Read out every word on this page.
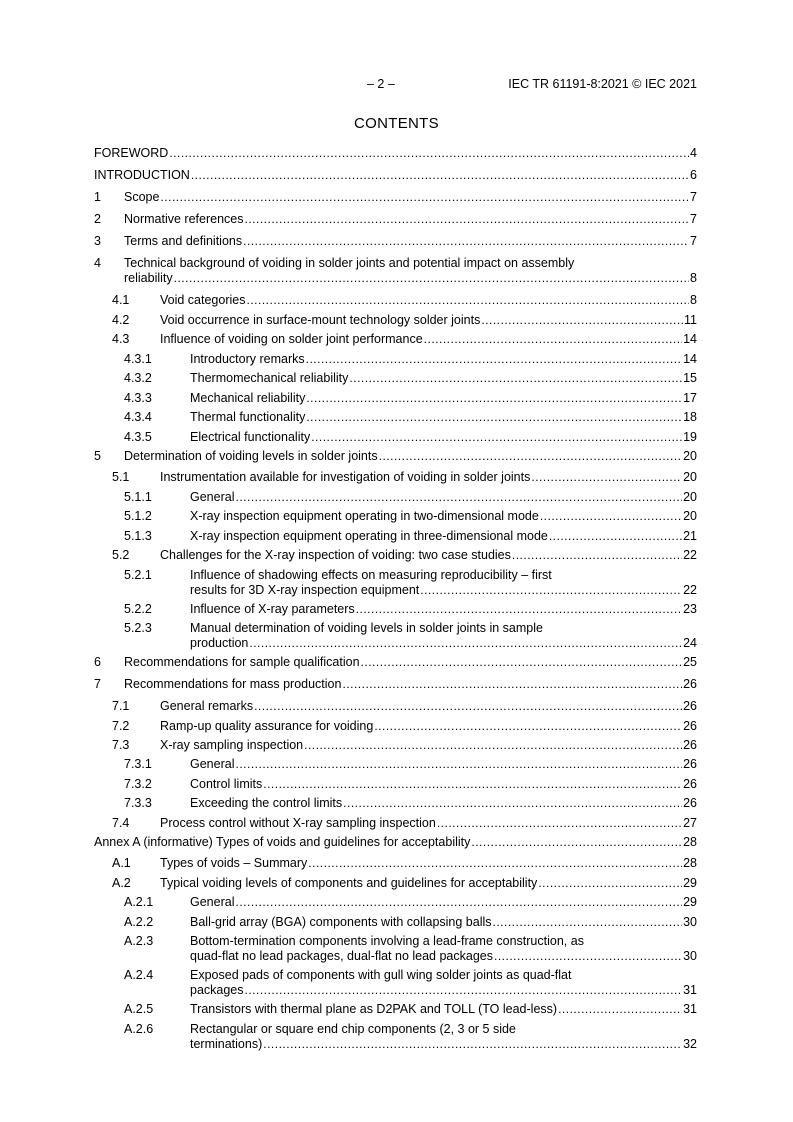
– 2 –	IEC TR 61191-8:2021 © IEC 2021
CONTENTS
FOREWORD .....	4
INTRODUCTION .....	6
1 Scope .....	7
2 Normative references .....	7
3 Terms and definitions .....	7
4 Technical background of voiding in solder joints and potential impact on assembly
reliability .....	8
4.1 Void categories .....	8
4.2 Void occurrence in surface-mount technology solder joints .....	11
4.3 Influence of voiding on solder joint performance .....	14
4.3.1	Introductory remarks .....	14
4.3.2	Thermomechanical reliability .....	15
4.3.3	Mechanical reliability .....	17
4.3.4	Thermal functionality .....	18
4.3.5	Electrical functionality .....	19
5 Determination of voiding levels in solder joints .....	20
5.1 Instrumentation available for investigation of voiding in solder joints .....	20
5.1.1	General .....	20
5.1.2	X-ray inspection equipment operating in two-dimensional mode .....	20
5.1.3	X-ray inspection equipment operating in three-dimensional mode .....	21
5.2 Challenges for the X-ray inspection of voiding: two case studies .....	22
5.2.1	Influence of shadowing effects on measuring reproducibility – first
results for 3D X-ray inspection equipment .....	22
5.2.2	Influence of X-ray parameters .....	23
5.2.3	Manual determination of voiding levels in solder joints in sample
production .....	24
6 Recommendations for sample qualification .....	25
7 Recommendations for mass production .....	26
7.1 General remarks .....	26
7.2 Ramp-up quality assurance for voiding .....	26
7.3 X-ray sampling inspection .....	26
7.3.1	General .....	26
7.3.2	Control limits .....	26
7.3.3	Exceeding the control limits .....	26
7.4 Process control without X-ray sampling inspection .....	27
Annex A (informative) Types of voids and guidelines for acceptability .....	28
A.1 Types of voids – Summary .....	28
A.2 Typical voiding levels of components and guidelines for acceptability .....	29
A.2.1	General .....	29
A.2.2	Ball-grid array (BGA) components with collapsing balls .....	30
A.2.3	Bottom-termination components involving a lead-frame construction, as
quad-flat no lead packages, dual-flat no lead packages .....	30
A.2.4	Exposed pads of components with gull wing solder joints as quad-flat
packages .....	31
A.2.5	Transistors with thermal plane as D2PAK and TOLL (TO lead-less) .....	31
A.2.6	Rectangular or square end chip components (2, 3 or 5 side
terminations) .....	32
